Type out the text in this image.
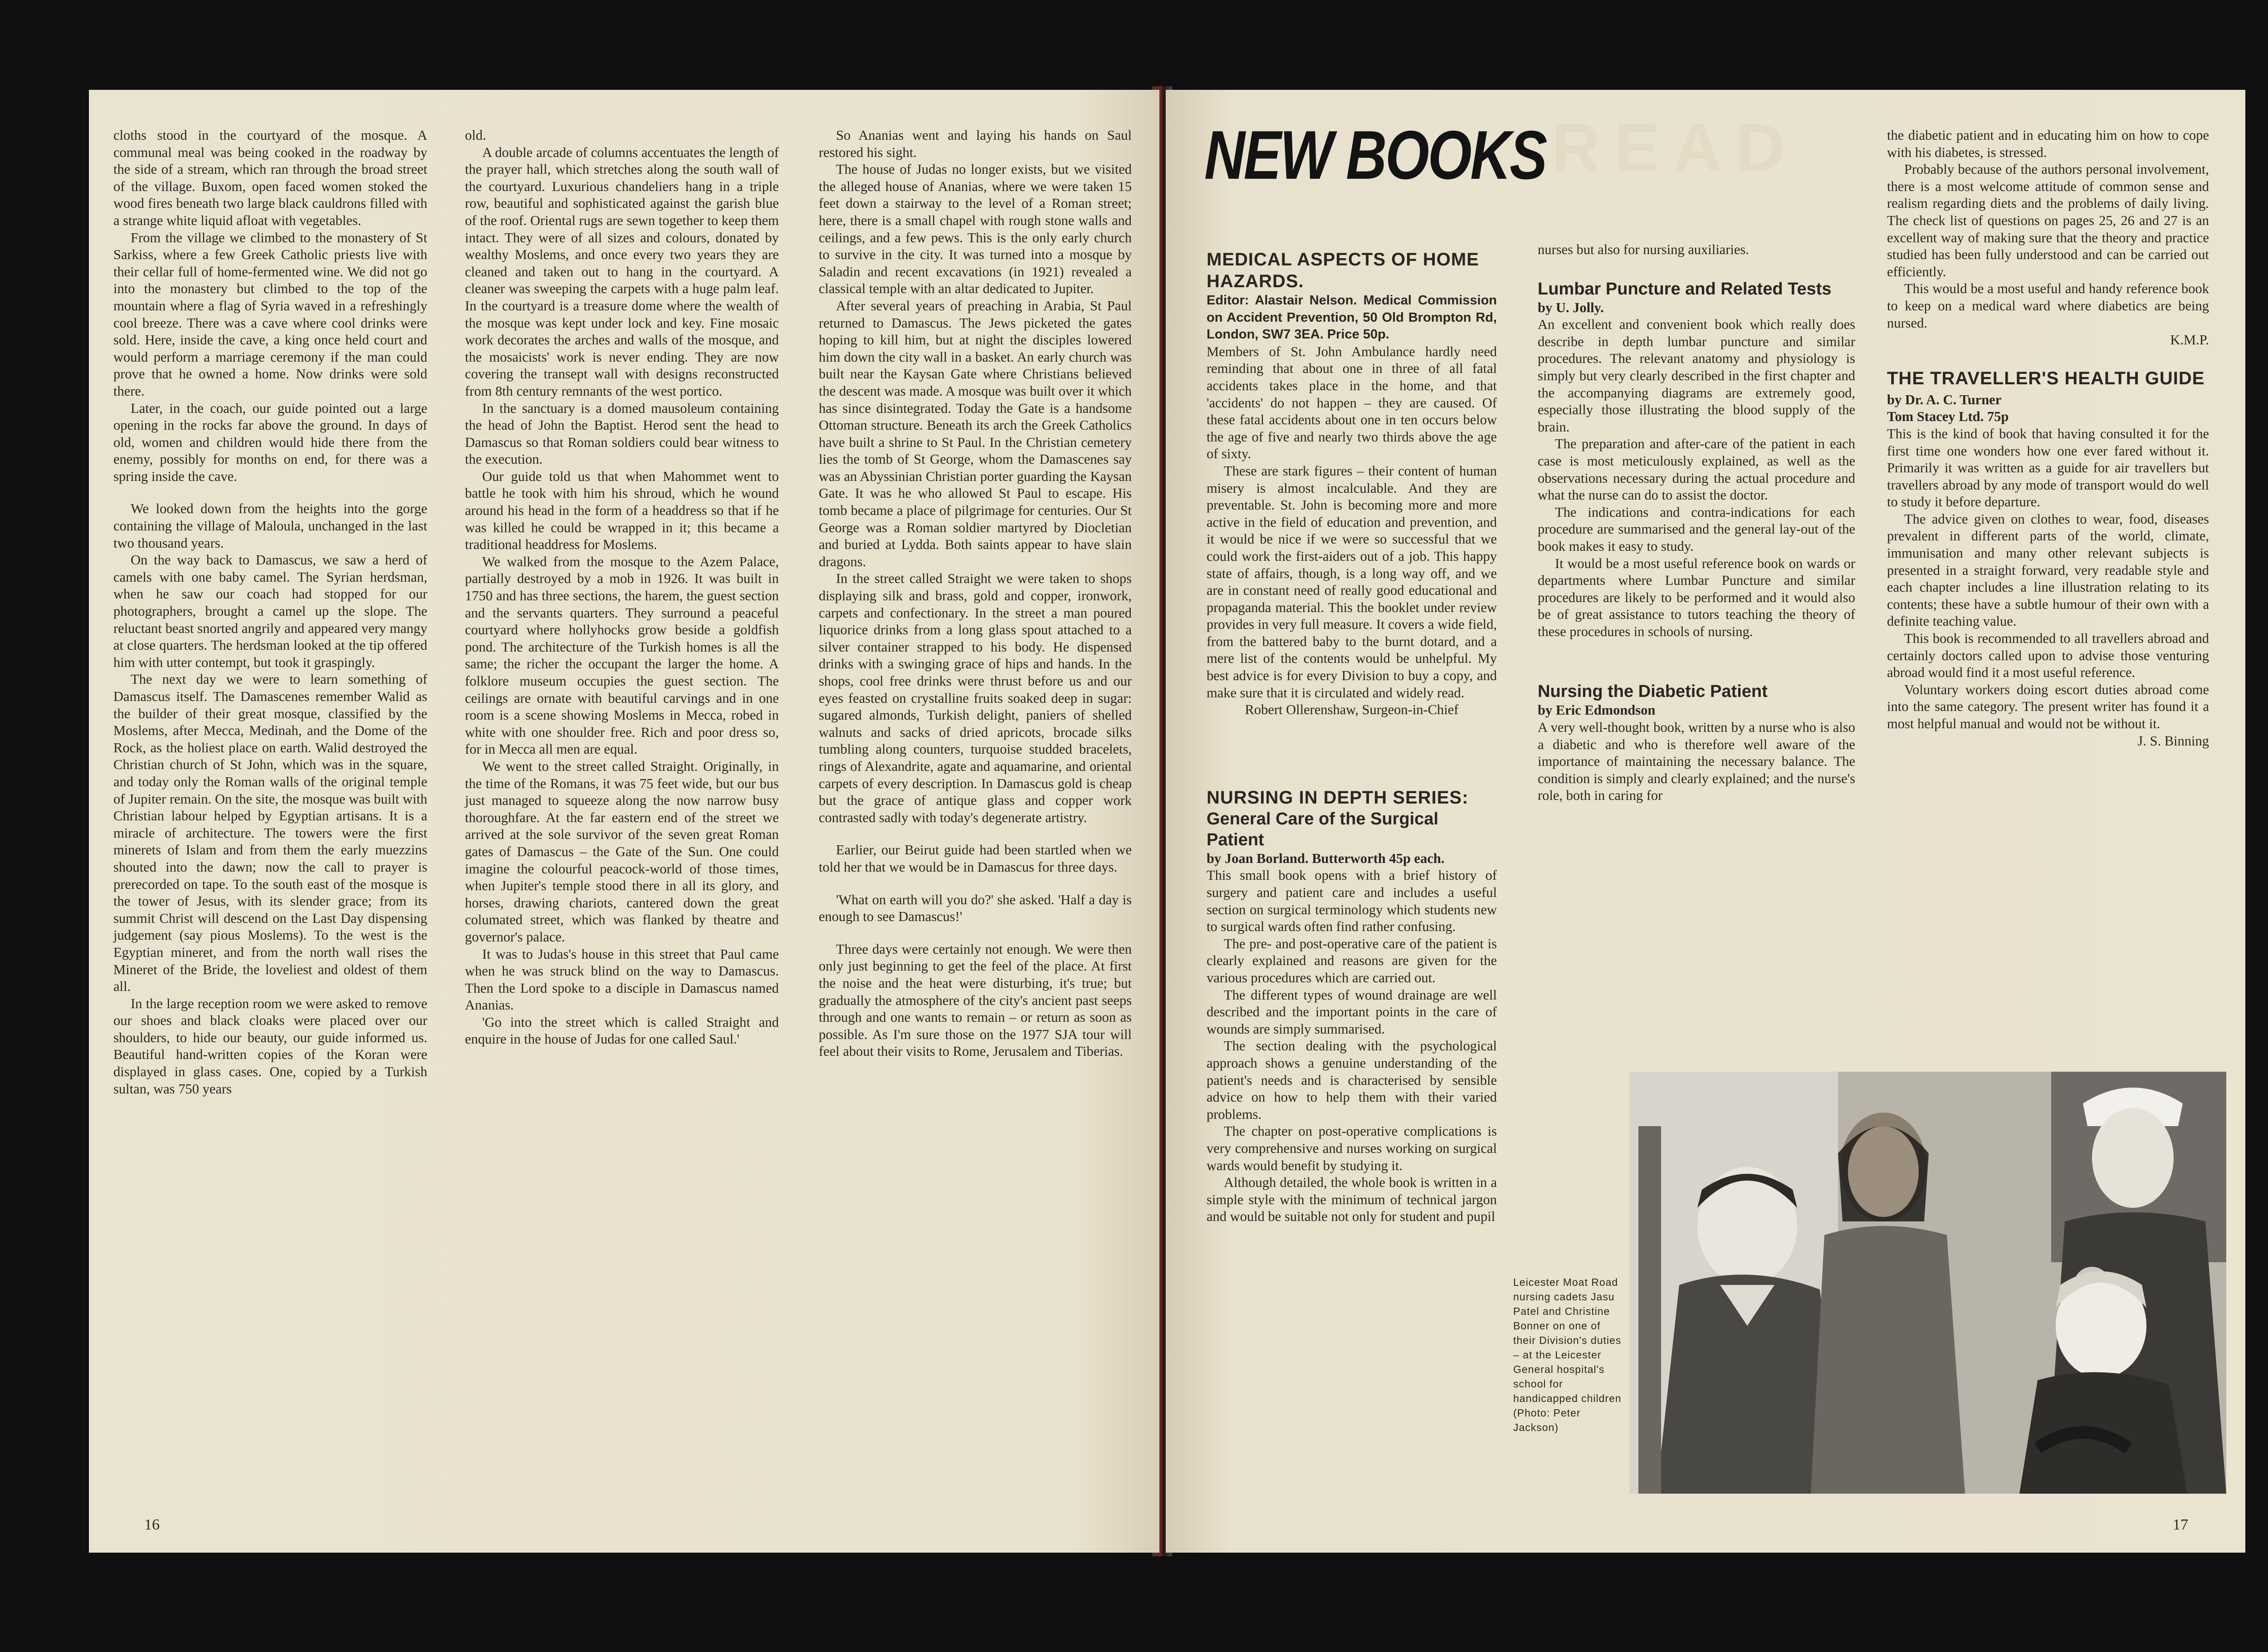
cloths stood in the courtyard of the mosque. A communal meal was being cooked in the roadway by the side of a stream, which ran through the broad street of the village. Buxom, open faced women stoked the wood fires beneath two large black cauldrons filled with a strange white liquid afloat with vegetables.

From the village we climbed to the monastery of St Sarkiss, where a few Greek Catholic priests live with their cellar full of home-fermented wine. We did not go into the monastery but climbed to the top of the mountain where a flag of Syria waved in a refreshingly cool breeze. There was a cave where cool drinks were sold. Here, inside the cave, a king once held court and would perform a marriage ceremony if the man could prove that he owned a home. Now drinks were sold there.

Later, in the coach, our guide pointed out a large opening in the rocks far above the ground. In days of old, women and children would hide there from the enemy, possibly for months on end, for there was a spring inside the cave.

We looked down from the heights into the gorge containing the village of Maloula, unchanged in the last two thousand years.

On the way back to Damascus, we saw a herd of camels with one baby camel. The Syrian herdsman, when he saw our coach had stopped for our photographers, brought a camel up the slope. The reluctant beast snorted angrily and appeared very mangy at close quarters. The herdsman looked at the tip offered him with utter contempt, but took it graspingly.

The next day we were to learn something of Damascus itself. The Damascenes remember Walid as the builder of their great mosque, classified by the Moslems, after Mecca, Medinah, and the Dome of the Rock, as the holiest place on earth. Walid destroyed the Christian church of St John, which was in the square, and today only the Roman walls of the original temple of Jupiter remain. On the site, the mosque was built with Christian labour helped by Egyptian artisans. It is a miracle of architecture. The towers were the first minerets of Islam and from them the early muezzins shouted into the dawn; now the call to prayer is prerecorded on tape. To the south east of the mosque is the tower of Jesus, with its slender grace; from its summit Christ will descend on the Last Day dispensing judgement (say pious Moslems). To the west is the Egyptian mineret, and from the north wall rises the Mineret of the Bride, the loveliest and oldest of them all.

In the large reception room we were asked to remove our shoes and black cloaks were placed over our shoulders, to hide our beauty, our guide informed us. Beautiful hand-written copies of the Koran were displayed in glass cases. One, copied by a Turkish sultan, was 750 years

old.

A double arcade of columns accentuates the length of the prayer hall, which stretches along the south wall of the courtyard. Luxurious chandeliers hang in a triple row, beautiful and sophisticated against the garish blue of the roof. Oriental rugs are sewn together to keep them intact. They were of all sizes and colours, donated by wealthy Moslems, and once every two years they are cleaned and taken out to hang in the courtyard. A cleaner was sweeping the carpets with a huge palm leaf. In the courtyard is a treasure dome where the wealth of the mosque was kept under lock and key. Fine mosaic work decorates the arches and walls of the mosque, and the mosaicists' work is never ending. They are now covering the transept wall with designs reconstructed from 8th century remnants of the west portico.

In the sanctuary is a domed mausoleum containing the head of John the Baptist. Herod sent the head to Damascus so that Roman soldiers could bear witness to the execution.

Our guide told us that when Mahommet went to battle he took with him his shroud, which he wound around his head in the form of a headdress so that if he was killed he could be wrapped in it; this became a traditional headdress for Moslems.

We walked from the mosque to the Azem Palace, partially destroyed by a mob in 1926. It was built in 1750 and has three sections, the harem, the guest section and the servants quarters. They surround a peaceful courtyard where hollyhocks grow beside a goldfish pond. The architecture of the Turkish homes is all the same; the richer the occupant the larger the home. A folklore museum occupies the guest section. The ceilings are ornate with beautiful carvings and in one room is a scene showing Moslems in Mecca, robed in white with one shoulder free. Rich and poor dress so, for in Mecca all men are equal.

We went to the street called Straight. Originally, in the time of the Romans, it was 75 feet wide, but our bus just managed to squeeze along the now narrow busy thoroughfare. At the far eastern end of the street we arrived at the sole survivor of the seven great Roman gates of Damascus – the Gate of the Sun. One could imagine the colourful peacock-world of those times, when Jupiter's temple stood there in all its glory, and horses, drawing chariots, cantered down the great columated street, which was flanked by theatre and governor's palace.

It was to Judas's house in this street that Paul came when he was struck blind on the way to Damascus. Then the Lord spoke to a disciple in Damascus named Ananias.

'Go into the street which is called Straight and enquire in the house of Judas for one called Saul.'

So Ananias went and laying his hands on Saul restored his sight.

The house of Judas no longer exists, but we visited the alleged house of Ananias, where we were taken 15 feet down a stairway to the level of a Roman street; here, there is a small chapel with rough stone walls and ceilings, and a few pews. This is the only early church to survive in the city. It was turned into a mosque by Saladin and recent excavations (in 1921) revealed a classical temple with an altar dedicated to Jupiter.

After several years of preaching in Arabia, St Paul returned to Damascus. The Jews picketed the gates hoping to kill him, but at night the disciples lowered him down the city wall in a basket. An early church was built near the Kaysan Gate where Christians believed the descent was made. A mosque was built over it which has since disintegrated. Today the Gate is a handsome Ottoman structure. Beneath its arch the Greek Catholics have built a shrine to St Paul. In the Christian cemetery lies the tomb of St George, whom the Damascenes say was an Abyssinian Christian porter guarding the Kaysan Gate. It was he who allowed St Paul to escape. His tomb became a place of pilgrimage for centuries. Our St George was a Roman soldier martyred by Diocletian and buried at Lydda. Both saints appear to have slain dragons.

In the street called Straight we were taken to shops displaying silk and brass, gold and copper, ironwork, carpets and confectionary. In the street a man poured liquorice drinks from a long glass spout attached to a silver container strapped to his body. He dispensed drinks with a swinging grace of hips and hands. In the shops, cool free drinks were thrust before us and our eyes feasted on crystalline fruits soaked deep in sugar: sugared almonds, Turkish delight, paniers of shelled walnuts and sacks of dried apricots, brocade silks tumbling along counters, turquoise studded bracelets, rings of Alexandrite, agate and aquamarine, and oriental carpets of every description. In Damascus gold is cheap but the grace of antique glass and copper work contrasted sadly with today's degenerate artistry.

Earlier, our Beirut guide had been startled when we told her that we would be in Damascus for three days.

'What on earth will you do?' she asked. 'Half a day is enough to see Damascus!'

Three days were certainly not enough. We were then only just beginning to get the feel of the place. At first the noise and the heat were disturbing, it's true; but gradually the atmosphere of the city's ancient past seeps through and one wants to remain – or return as soon as possible. As I'm sure those on the 1977 SJA tour will feel about their visits to Rome, Jerusalem and Tiberias.

16
READ
NEW BOOKS
MEDICAL ASPECTS OF HOME HAZARDS.

Editor: Alastair Nelson. Medical Commission on Accident Prevention, 50 Old Brompton Rd, London, SW7 3EA. Price 50p.

Members of St. John Ambulance hardly need reminding that about one in three of all fatal accidents takes place in the home, and that 'accidents' do not happen – they are caused. Of these fatal accidents about one in ten occurs below the age of five and nearly two thirds above the age of sixty.

These are stark figures – their content of human misery is almost incalculable. And they are preventable. St. John is becoming more and more active in the field of education and prevention, and it would be nice if we were so successful that we could work the first-aiders out of a job. This happy state of affairs, though, is a long way off, and we are in constant need of really good educational and propaganda material. This the booklet under review provides in very full measure. It covers a wide field, from the battered baby to the burnt dotard, and a mere list of the contents would be unhelpful. My best advice is for every Division to buy a copy, and make sure that it is circulated and widely read.

Robert Ollerenshaw, Surgeon-in-Chief

NURSING IN DEPTH SERIES:
General Care of the Surgical Patient

by Joan Borland. Butterworth 45p each.

This small book opens with a brief history of surgery and patient care and includes a useful section on surgical terminology which students new to surgical wards often find rather confusing.

The pre- and post-operative care of the patient is clearly explained and reasons are given for the various procedures which are carried out.

The different types of wound drainage are well described and the important points in the care of wounds are simply summarised.

The section dealing with the psychological approach shows a genuine understanding of the patient's needs and is characterised by sensible advice on how to help them with their varied problems.

The chapter on post-operative complications is very comprehensive and nurses working on surgical wards would benefit by studying it.

Although detailed, the whole book is written in a simple style with the minimum of technical jargon and would be suitable not only for student and pupil

nurses but also for nursing auxiliaries.

Lumbar Puncture and Related Tests

by U. Jolly.

An excellent and convenient book which really does describe in depth lumbar puncture and similar procedures. The relevant anatomy and physiology is simply but very clearly described in the first chapter and the accompanying diagrams are extremely good, especially those illustrating the blood supply of the brain.

The preparation and after-care of the patient in each case is most meticulously explained, as well as the observations necessary during the actual procedure and what the nurse can do to assist the doctor.

The indications and contra-indications for each procedure are summarised and the general lay-out of the book makes it easy to study.

It would be a most useful reference book on wards or departments where Lumbar Puncture and similar procedures are likely to be performed and it would also be of great assistance to tutors teaching the theory of these procedures in schools of nursing.

Nursing the Diabetic Patient

by Eric Edmondson

A very well-thought book, written by a nurse who is also a diabetic and who is therefore well aware of the importance of maintaining the necessary balance. The condition is simply and clearly explained; and the nurse's role, both in caring for

the diabetic patient and in educating him on how to cope with his diabetes, is stressed.

Probably because of the authors personal involvement, there is a most welcome attitude of common sense and realism regarding diets and the problems of daily living. The check list of questions on pages 25, 26 and 27 is an excellent way of making sure that the theory and practice studied has been fully understood and can be carried out efficiently.

This would be a most useful and handy reference book to keep on a medical ward where diabetics are being nursed.

K.M.P.

THE TRAVELLER'S HEALTH GUIDE

by Dr. A. C. Turner

Tom Stacey Ltd. 75p

This is the kind of book that having consulted it for the first time one wonders how one ever fared without it. Primarily it was written as a guide for air travellers but travellers abroad by any mode of transport would do well to study it before departure.

The advice given on clothes to wear, food, diseases prevalent in different parts of the world, climate, immunisation and many other relevant subjects is presented in a straight forward, very readable style and each chapter includes a line illustration relating to its contents; these have a subtle humour of their own with a definite teaching value.

This book is recommended to all travellers abroad and certainly doctors called upon to advise those venturing abroad would find it a most useful reference.

Voluntary workers doing escort duties abroad come into the same category. The present writer has found it a most helpful manual and would not be without it.

J. S. Binning

Leicester Moat Road nursing cadets Jasu Patel and Christine Bonner on one of their Division's duties – at the Leicester General hospital's school for handicapped children (Photo: Peter Jackson)
17
